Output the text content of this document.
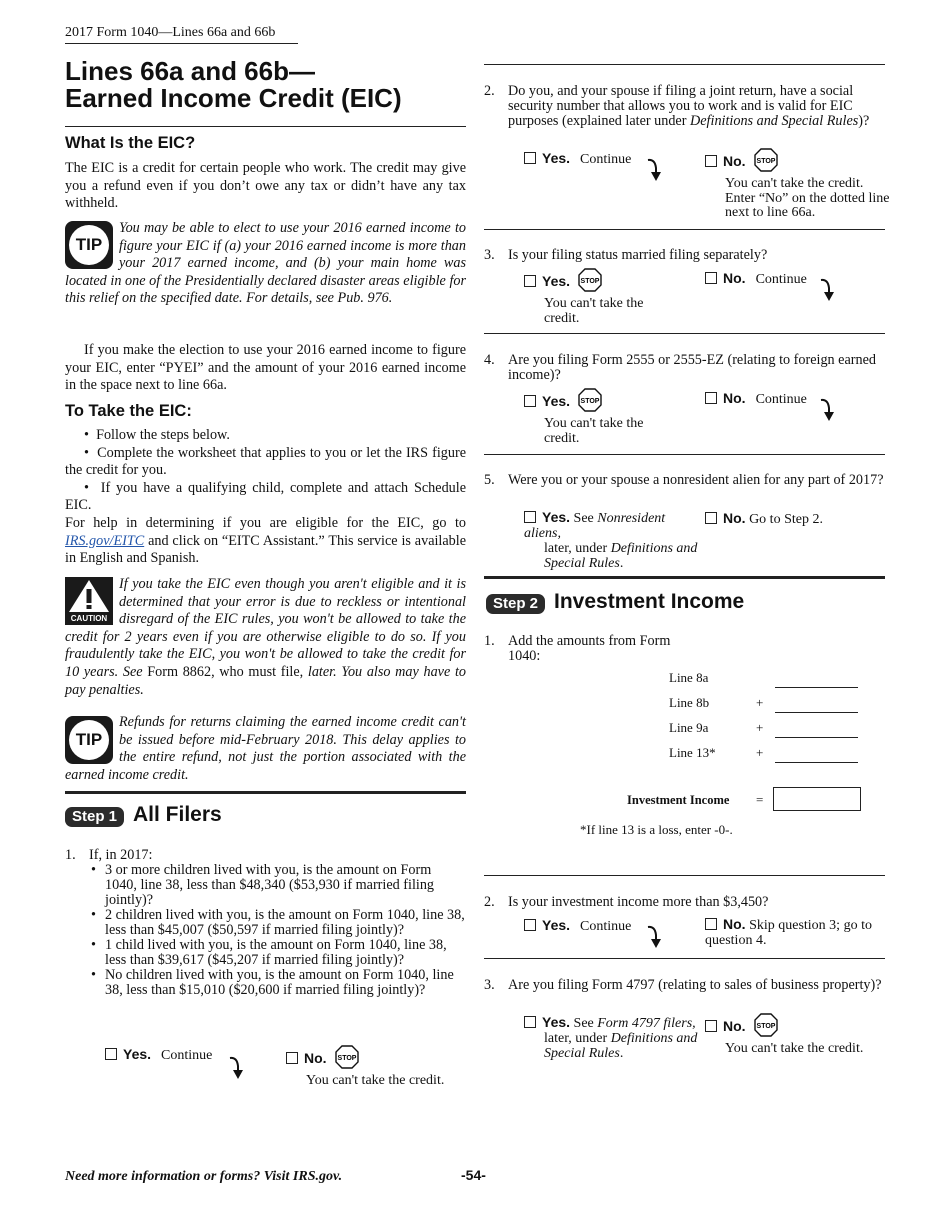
2017 Form 1040—Lines 66a and 66b
Lines 66a and 66b—
Earned Income Credit (EIC)
What Is the EIC?

The EIC is a credit for certain people who work. The credit may give you a refund even if you don’t owe any tax or didn’t have any tax withheld.

TIP

You may be able to elect to use your 2016 earned income to figure your EIC if (a) your 2016 earned income is more than your 2017 earned income, and (b) your main home was located in one of the Presidentially declared disaster areas eligible for this relief on the specified date. For details, see Pub. 976.

If you make the election to use your 2016 earned income to figure your EIC, enter “PYEI” and the amount of your 2016 earned income in the space next to line 66a.

To Take the EIC:
•  Follow the steps below.
•  Complete the worksheet that applies to you or let the IRS figure the credit for you.
•  If you have a qualifying child, complete and attach Schedule EIC.
For help in determining if you are eligible for the EIC, go to IRS.gov/EITC and click on “EITC Assistant.” This service is available in English and Spanish.
CAUTION

If you take the EIC even though you aren't eligible and it is determined that your error is due to reckless or intentional disregard of the EIC rules, you won't be allowed to take the credit for 2 years even if you are otherwise eligible to do so. If you fraudulently take the EIC, you won't be allowed to take the credit for 10 years. See Form 8862, who must file, later. You also may have to pay penalties.

TIP

Refunds for returns claiming the earned income credit can't be issued before mid-February 2018. This delay applies to the entire refund, not just the portion associated with the earned income credit.

Step 1 All Filers
1. If, in 2017:
• 3 or more children lived with you, is the amount on Form 1040, line 38, less than $48,340 ($53,930 if married filing jointly)?
• 2 children lived with you, is the amount on Form 1040, line 38, less than $45,007 ($50,597 if married filing jointly)?
• 1 child lived with you, is the amount on Form 1040, line 38, less than $39,617 ($45,207 if married filing jointly)?
• No children lived with you, is the amount on Form 1040, line 38, less than $15,010 ($20,600 if married filing jointly)?
Yes. Continue	No. STOP
You can't take the credit.
2. Do you, and your spouse if filing a joint return, have a social security number that allows you to work and is valid for EIC purposes (explained later under Definitions and Special Rules)?
Yes. Continue	No. STOP
You can't take the credit. Enter “No” on the dotted line next to line 66a.
3. Is your filing status married filing separately?
Yes. STOP
You can't take the credit.
No. Continue
4. Are you filing Form 2555 or 2555-EZ (relating to foreign earned income)?
Yes. STOP
You can't take the credit.
No. Continue
5. Were you or your spouse a nonresident alien for any part of 2017?
Yes. See Nonresident aliens,
later, under Definitions and Special Rules.
No. Go to Step 2.
Step 2 Investment Income
1. Add the amounts from Form 1040:
Line 8a
Line 8b	+
Line 9a	+
Line 13*	+
Investment Income =
*If line 13 is a loss, enter -0-.
2. Is your investment income more than $3,450?
Yes. Continue	No. Skip question 3; go to question 4.
3. Are you filing Form 4797 (relating to sales of business property)?
Yes. See Form 4797 filers,
later, under Definitions and Special Rules.
No. STOP
You can't take the credit.
Need more information or forms? Visit IRS.gov.	-54-
